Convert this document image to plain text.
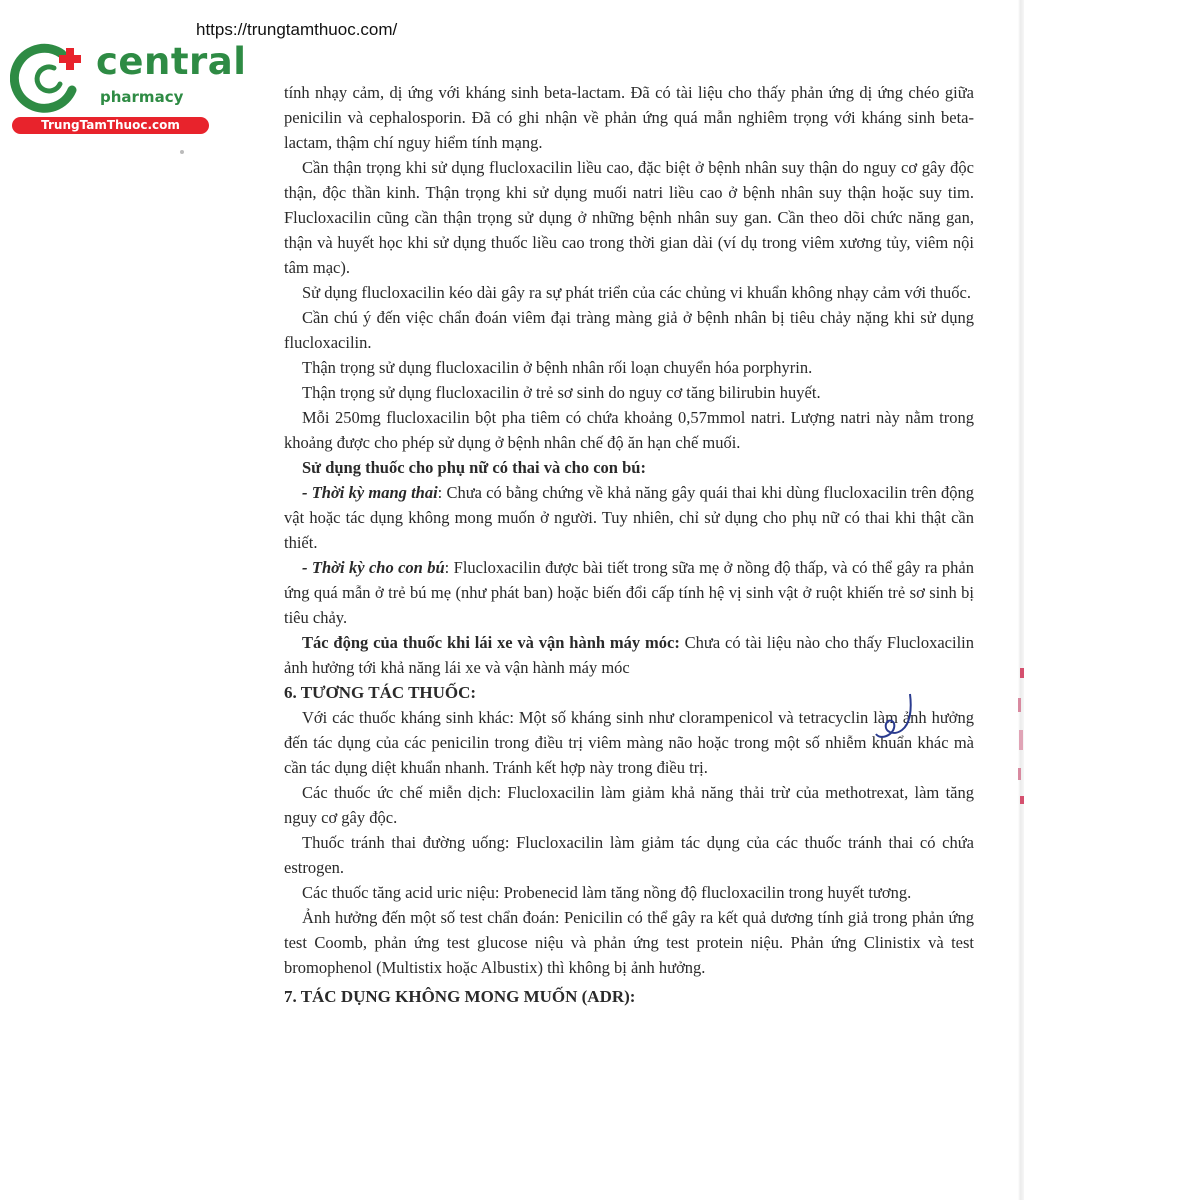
https://trungtamthuoc.com/
central
pharmacy
TrungTamThuoc.com

tính nhạy cảm, dị ứng với kháng sinh beta-lactam. Đã có tài liệu cho thấy phản ứng dị ứng chéo giữa penicilin và cephalosporin. Đã có ghi nhận về phản ứng quá mẫn nghiêm trọng với kháng sinh beta-lactam, thậm chí nguy hiểm tính mạng.

Cần thận trọng khi sử dụng flucloxacilin liều cao, đặc biệt ở bệnh nhân suy thận do nguy cơ gây độc thận, độc thần kinh. Thận trọng khi sử dụng muối natri liều cao ở bệnh nhân suy thận hoặc suy tim. Flucloxacilin cũng cần thận trọng sử dụng ở những bệnh nhân suy gan. Cần theo dõi chức năng gan, thận và huyết học khi sử dụng thuốc liều cao trong thời gian dài (ví dụ trong viêm xương tủy, viêm nội tâm mạc).

Sử dụng flucloxacilin kéo dài gây ra sự phát triển của các chủng vi khuẩn không nhạy cảm với thuốc.

Cần chú ý đến việc chẩn đoán viêm đại tràng màng giả ở bệnh nhân bị tiêu chảy nặng khi sử dụng flucloxacilin.

Thận trọng sử dụng flucloxacilin ở bệnh nhân rối loạn chuyển hóa porphyrin.

Thận trọng sử dụng flucloxacilin ở trẻ sơ sinh do nguy cơ tăng bilirubin huyết.

Mỗi 250mg flucloxacilin bột pha tiêm có chứa khoảng 0,57mmol natri. Lượng natri này nằm trong khoảng được cho phép sử dụng ở bệnh nhân chế độ ăn hạn chế muối.

Sử dụng thuốc cho phụ nữ có thai và cho con bú:

- Thời kỳ mang thai: Chưa có bằng chứng về khả năng gây quái thai khi dùng flucloxacilin trên động vật hoặc tác dụng không mong muốn ở người. Tuy nhiên, chỉ sử dụng cho phụ nữ có thai khi thật cần thiết.

- Thời kỳ cho con bú: Flucloxacilin được bài tiết trong sữa mẹ ở nồng độ thấp, và có thể gây ra phản ứng quá mẫn ở trẻ bú mẹ (như phát ban) hoặc biến đổi cấp tính hệ vị sinh vật ở ruột khiến trẻ sơ sinh bị tiêu chảy.

Tác động của thuốc khi lái xe và vận hành máy móc: Chưa có tài liệu nào cho thấy Flucloxacilin ảnh hưởng tới khả năng lái xe và vận hành máy móc

6. TƯƠNG TÁC THUỐC:

Với các thuốc kháng sinh khác: Một số kháng sinh như clorampenicol và tetracyclin làm ảnh hưởng đến tác dụng của các penicilin trong điều trị viêm màng não hoặc trong một số nhiễm khuẩn khác mà cần tác dụng diệt khuẩn nhanh. Tránh kết hợp này trong điều trị.

Các thuốc ức chế miễn dịch: Flucloxacilin làm giảm khả năng thải trừ của methotrexat, làm tăng nguy cơ gây độc.

Thuốc tránh thai đường uống: Flucloxacilin làm giảm tác dụng của các thuốc tránh thai có chứa estrogen.

Các thuốc tăng acid uric niệu: Probenecid làm tăng nồng độ flucloxacilin trong huyết tương.

Ảnh hưởng đến một số test chẩn đoán: Penicilin có thể gây ra kết quả dương tính giả trong phản ứng test Coomb, phản ứng test glucose niệu và phản ứng test protein niệu. Phản ứng Clinistix và test bromophenol (Multistix hoặc Albustix) thì không bị ảnh hưởng.

7. TÁC DỤNG KHÔNG MONG MUỐN (ADR):
